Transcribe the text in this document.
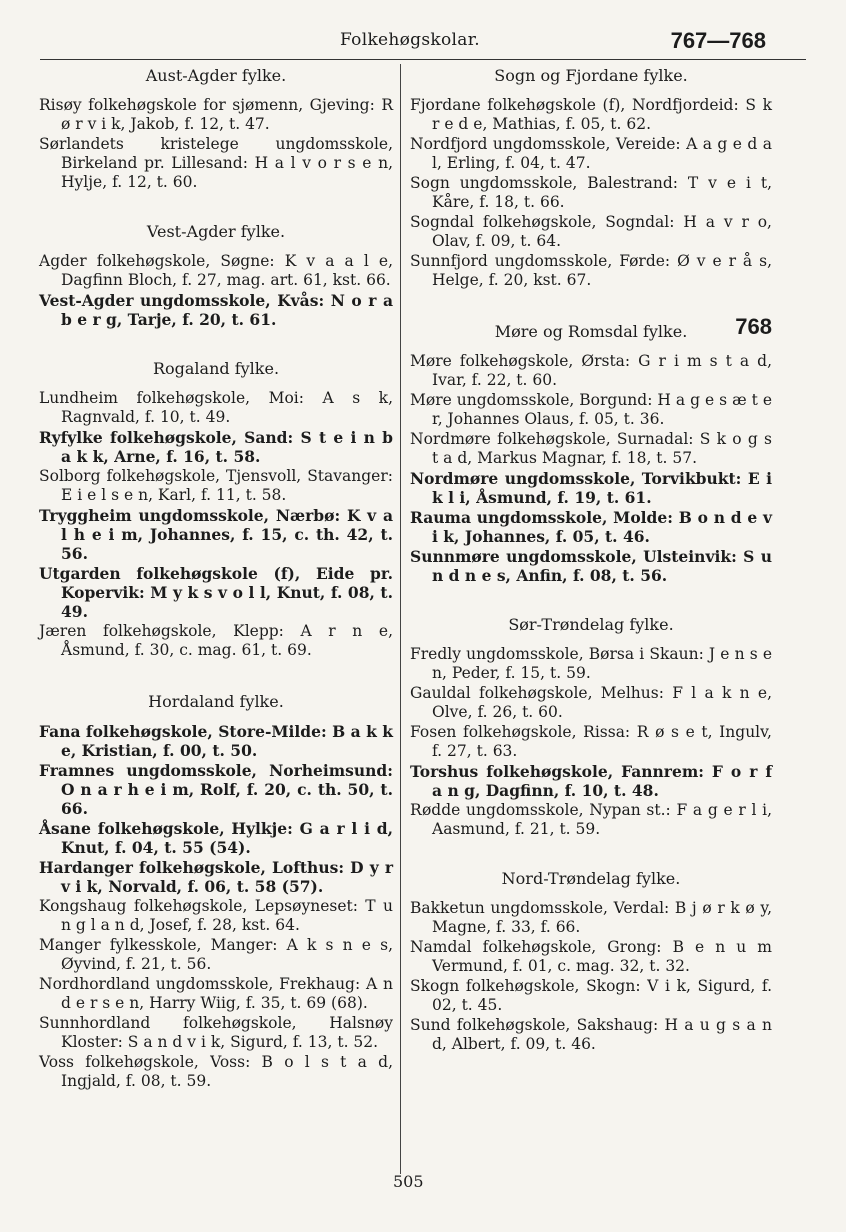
Folkehøgskolar.	767—768
Aust-Agder fylke.
Risøy folkehøgskole for sjømenn, Gjeving: R ø r v i k, Jakob, f. 12, t. 47.
Sørlandets kristelege ungdomsskole, Birkeland pr. Lillesand: H a l v o r s e n, Hylje, f. 12, t. 60.
Vest-Agder fylke.
Agder folkehøgskole, Søgne: K v a a l e, Dagfinn Bloch, f. 27, mag. art. 61, kst. 66.
Vest-Agder ungdomsskole, Kvås: N o r a b e r g, Tarje, f. 20, t. 61.
Rogaland fylke.
Lundheim folkehøgskole, Moi: A s k, Ragnvald, f. 10, t. 49.
Ryfylke folkehøgskole, Sand: S t e i n b a k k, Arne, f. 16, t. 58.
Solborg folkehøgskole, Tjensvoll, Stavanger: E i e l s e n, Karl, f. 11, t. 58.
Tryggheim ungdomsskole, Nærbø: K v a l h e i m, Johannes, f. 15, c. th. 42, t. 56.
Utgarden folkehøgskole (f), Eide pr. Kopervik: M y k s v o l l, Knut, f. 08, t. 49.
Jæren folkehøgskole, Klepp: A r n e, Åsmund, f. 30, c. mag. 61, t. 69.
Hordaland fylke.
Fana folkehøgskole, Store-Milde: B a k k e, Kristian, f. 00, t. 50.
Framnes ungdomsskole, Norheimsund: O n a r h e i m, Rolf, f. 20, c. th. 50, t. 66.
Åsane folkehøgskole, Hylkje: G a r l i d, Knut, f. 04, t. 55 (54).
Hardanger folkehøgskole, Lofthus: D y r v i k, Norvald, f. 06, t. 58 (57).
Kongshaug folkehøgskole, Lepsøyneset: T u n g l a n d, Josef, f. 28, kst. 64.
Manger fylkesskole, Manger: A k s n e s, Øyvind, f. 21, t. 56.
Nordhordland ungdomsskole, Frekhaug: A n d e r s e n, Harry Wiig, f. 35, t. 69 (68).
Sunnhordland folkehøgskole, Halsnøy Kloster: S a n d v i k, Sigurd, f. 13, t. 52.
Voss folkehøgskole, Voss: B o l s t a d, Ingjald, f. 08, t. 59.
Sogn og Fjordane fylke.
Fjordane folkehøgskole (f), Nordfjordeid: S k r e d e, Mathias, f. 05, t. 62.
Nordfjord ungdomsskole, Vereide: A a g e d a l, Erling, f. 04, t. 47.
Sogn ungdomsskole, Balestrand: T v e i t, Kåre, f. 18, t. 66.
Sogndal folkehøgskole, Sogndal: H a v r o, Olav, f. 09, t. 64.
Sunnfjord ungdomsskole, Førde: Ø v e r å s, Helge, f. 20, kst. 67.
Møre og Romsdal fylke. 768
Møre folkehøgskole, Ørsta: G r i m s t a d, Ivar, f. 22, t. 60.
Møre ungdomsskole, Borgund: H a g e s æ t e r, Johannes Olaus, f. 05, t. 36.
Nordmøre folkehøgskole, Surnadal: S k o g s t a d, Markus Magnar, f. 18, t. 57.
Nordmøre ungdomsskole, Torvikbukt: E i k l i, Åsmund, f. 19, t. 61.
Rauma ungdomsskole, Molde: B o n d e v i k, Johannes, f. 05, t. 46.
Sunnmøre ungdomsskole, Ulsteinvik: S u n d n e s, Anfin, f. 08, t. 56.
Sør-Trøndelag fylke.
Fredly ungdomsskole, Børsa i Skaun: J e n s e n, Peder, f. 15, t. 59.
Gauldal folkehøgskole, Melhus: F l a k n e, Olve, f. 26, t. 60.
Fosen folkehøgskole, Rissa: R ø s e t, Ingulv, f. 27, t. 63.
Torshus folkehøgskole, Fannrem: F o r f a n g, Dagfinn, f. 10, t. 48.
Rødde ungdomsskole, Nypan st.: F a g e r l i, Aasmund, f. 21, t. 59.
Nord-Trøndelag fylke.
Bakketun ungdomsskole, Verdal: B j ø r k ø y, Magne, f. 33, f. 66.
Namdal folkehøgskole, Grong: B e n u m Vermund, f. 01, c. mag. 32, t. 32.
Skogn folkehøgskole, Skogn: V i k, Sigurd, f. 02, t. 45.
Sund folkehøgskole, Sakshaug: H a u g s a n d, Albert, f. 09, t. 46.
505
